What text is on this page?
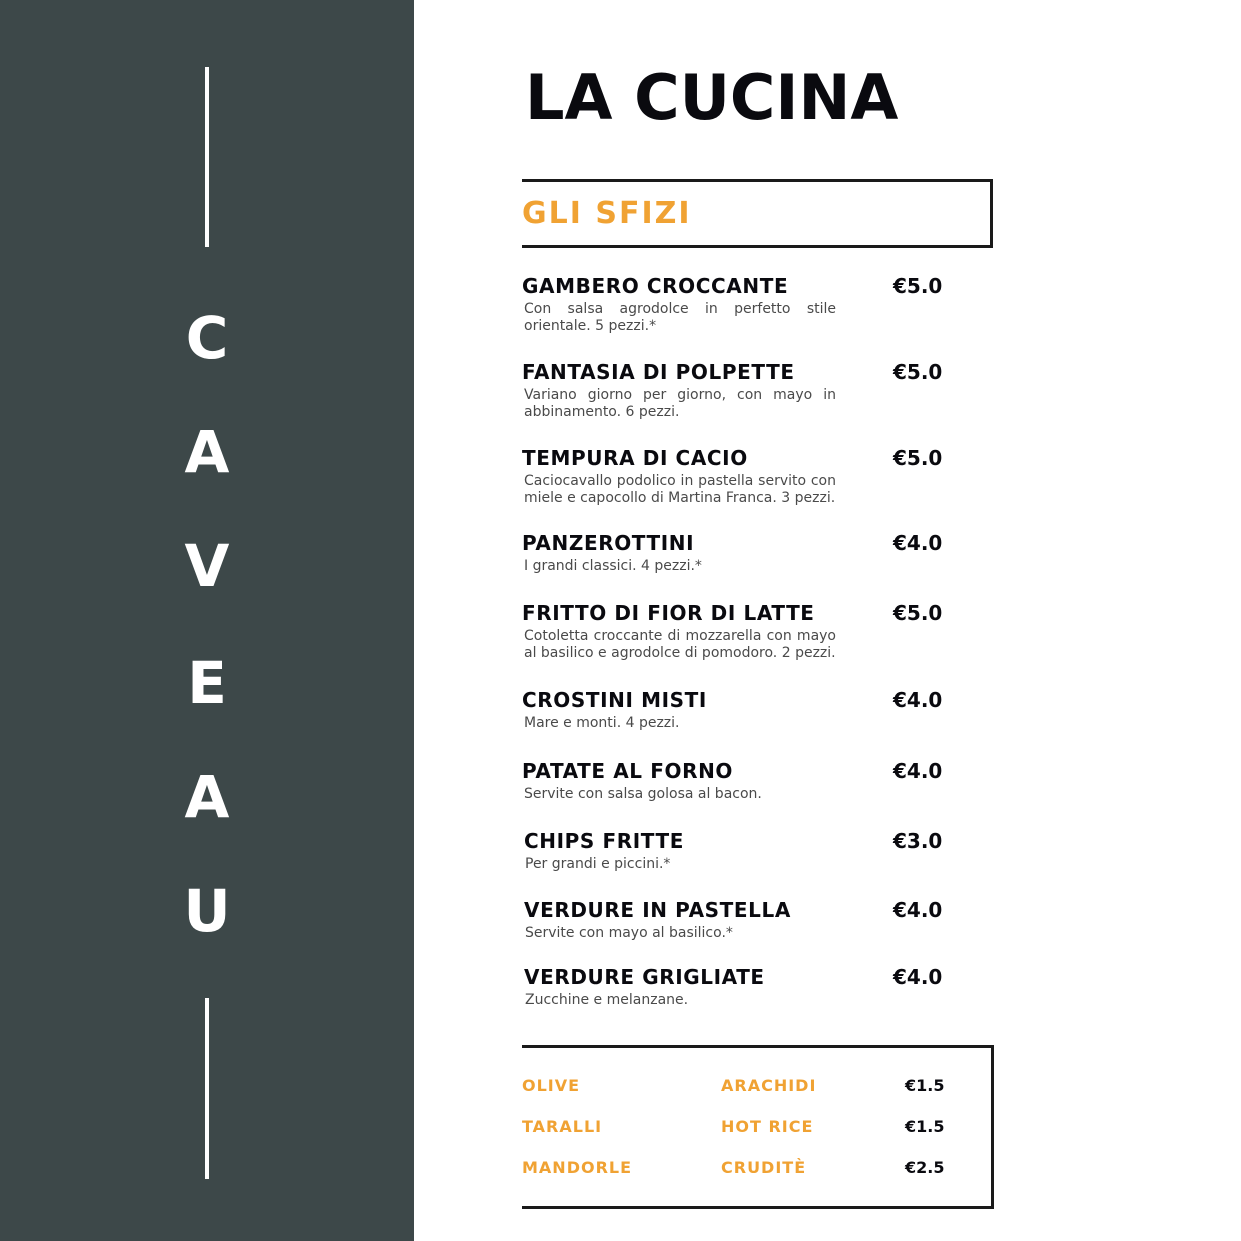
C
A
V
E
A
U
LA CUCINA
GLI SFIZI
GAMBERO CROCCANTE	€5.0
Con salsa agrodolce in perfetto stile orientale. 5 pezzi.*
FANTASIA DI POLPETTE	€5.0
Variano giorno per giorno, con mayo in abbinamento. 6 pezzi.
TEMPURA DI CACIO	€5.0
Caciocavallo podolico in pastella servito con miele e capocollo di Martina Franca. 3 pezzi.
PANZEROTTINI	€4.0
I grandi classici. 4 pezzi.*
FRITTO DI FIOR DI LATTE	€5.0
Cotoletta croccante di mozzarella con mayo al basilico e agrodolce di pomodoro. 2 pezzi.
CROSTINI MISTI	€4.0
Mare e monti. 4 pezzi.
PATATE AL FORNO	€4.0
Servite con salsa golosa al bacon.
CHIPS FRITTE	€3.0
Per grandi e piccini.*
VERDURE IN PASTELLA	€4.0
Servite con mayo al basilico.*
VERDURE GRIGLIATE	€4.0
Zucchine e melanzane.
OLIVE	ARACHIDI	€1.5
TARALLI	HOT RICE	€1.5
MANDORLE	CRUDITÈ	€2.5
